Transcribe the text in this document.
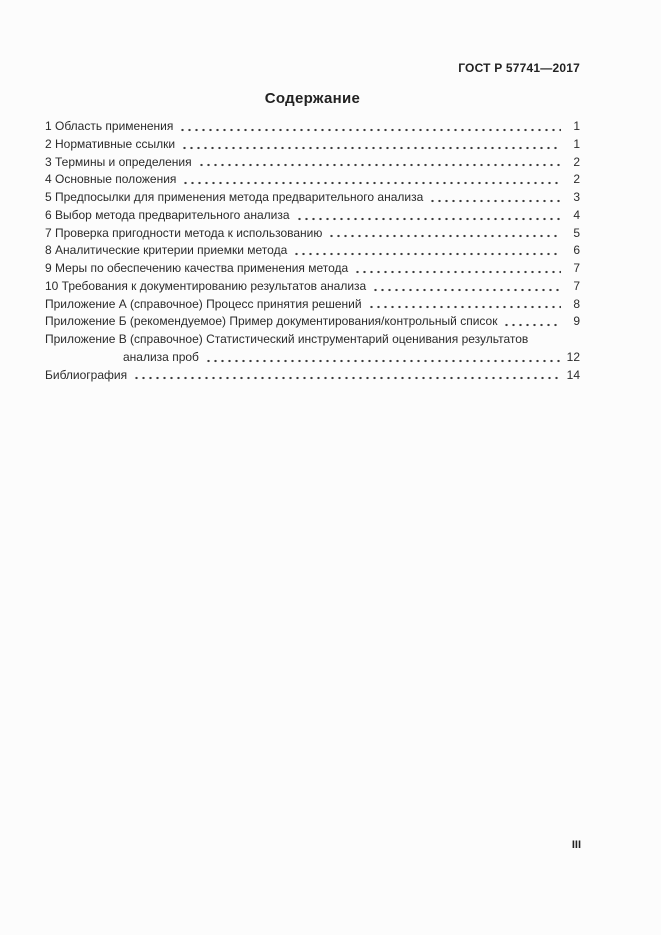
ГОСТ Р 57741—2017
Содержание
1 Область применения	1
2 Нормативные ссылки	1
3 Термины и определения	2
4 Основные положения	2
5 Предпосылки для применения метода предварительного анализа	3
6 Выбор метода предварительного анализа	4
7 Проверка пригодности метода к использованию	5
8 Аналитические критерии приемки метода	6
9 Меры по обеспечению качества применения метода	7
10 Требования к документированию результатов анализа	7
Приложение А (справочное) Процесс принятия решений	8
Приложение Б (рекомендуемое) Пример документирования/контрольный список	9
Приложение В (справочное) Статистический инструментарий оценивания результатов
анализа проб	12
Библиография	14
III
